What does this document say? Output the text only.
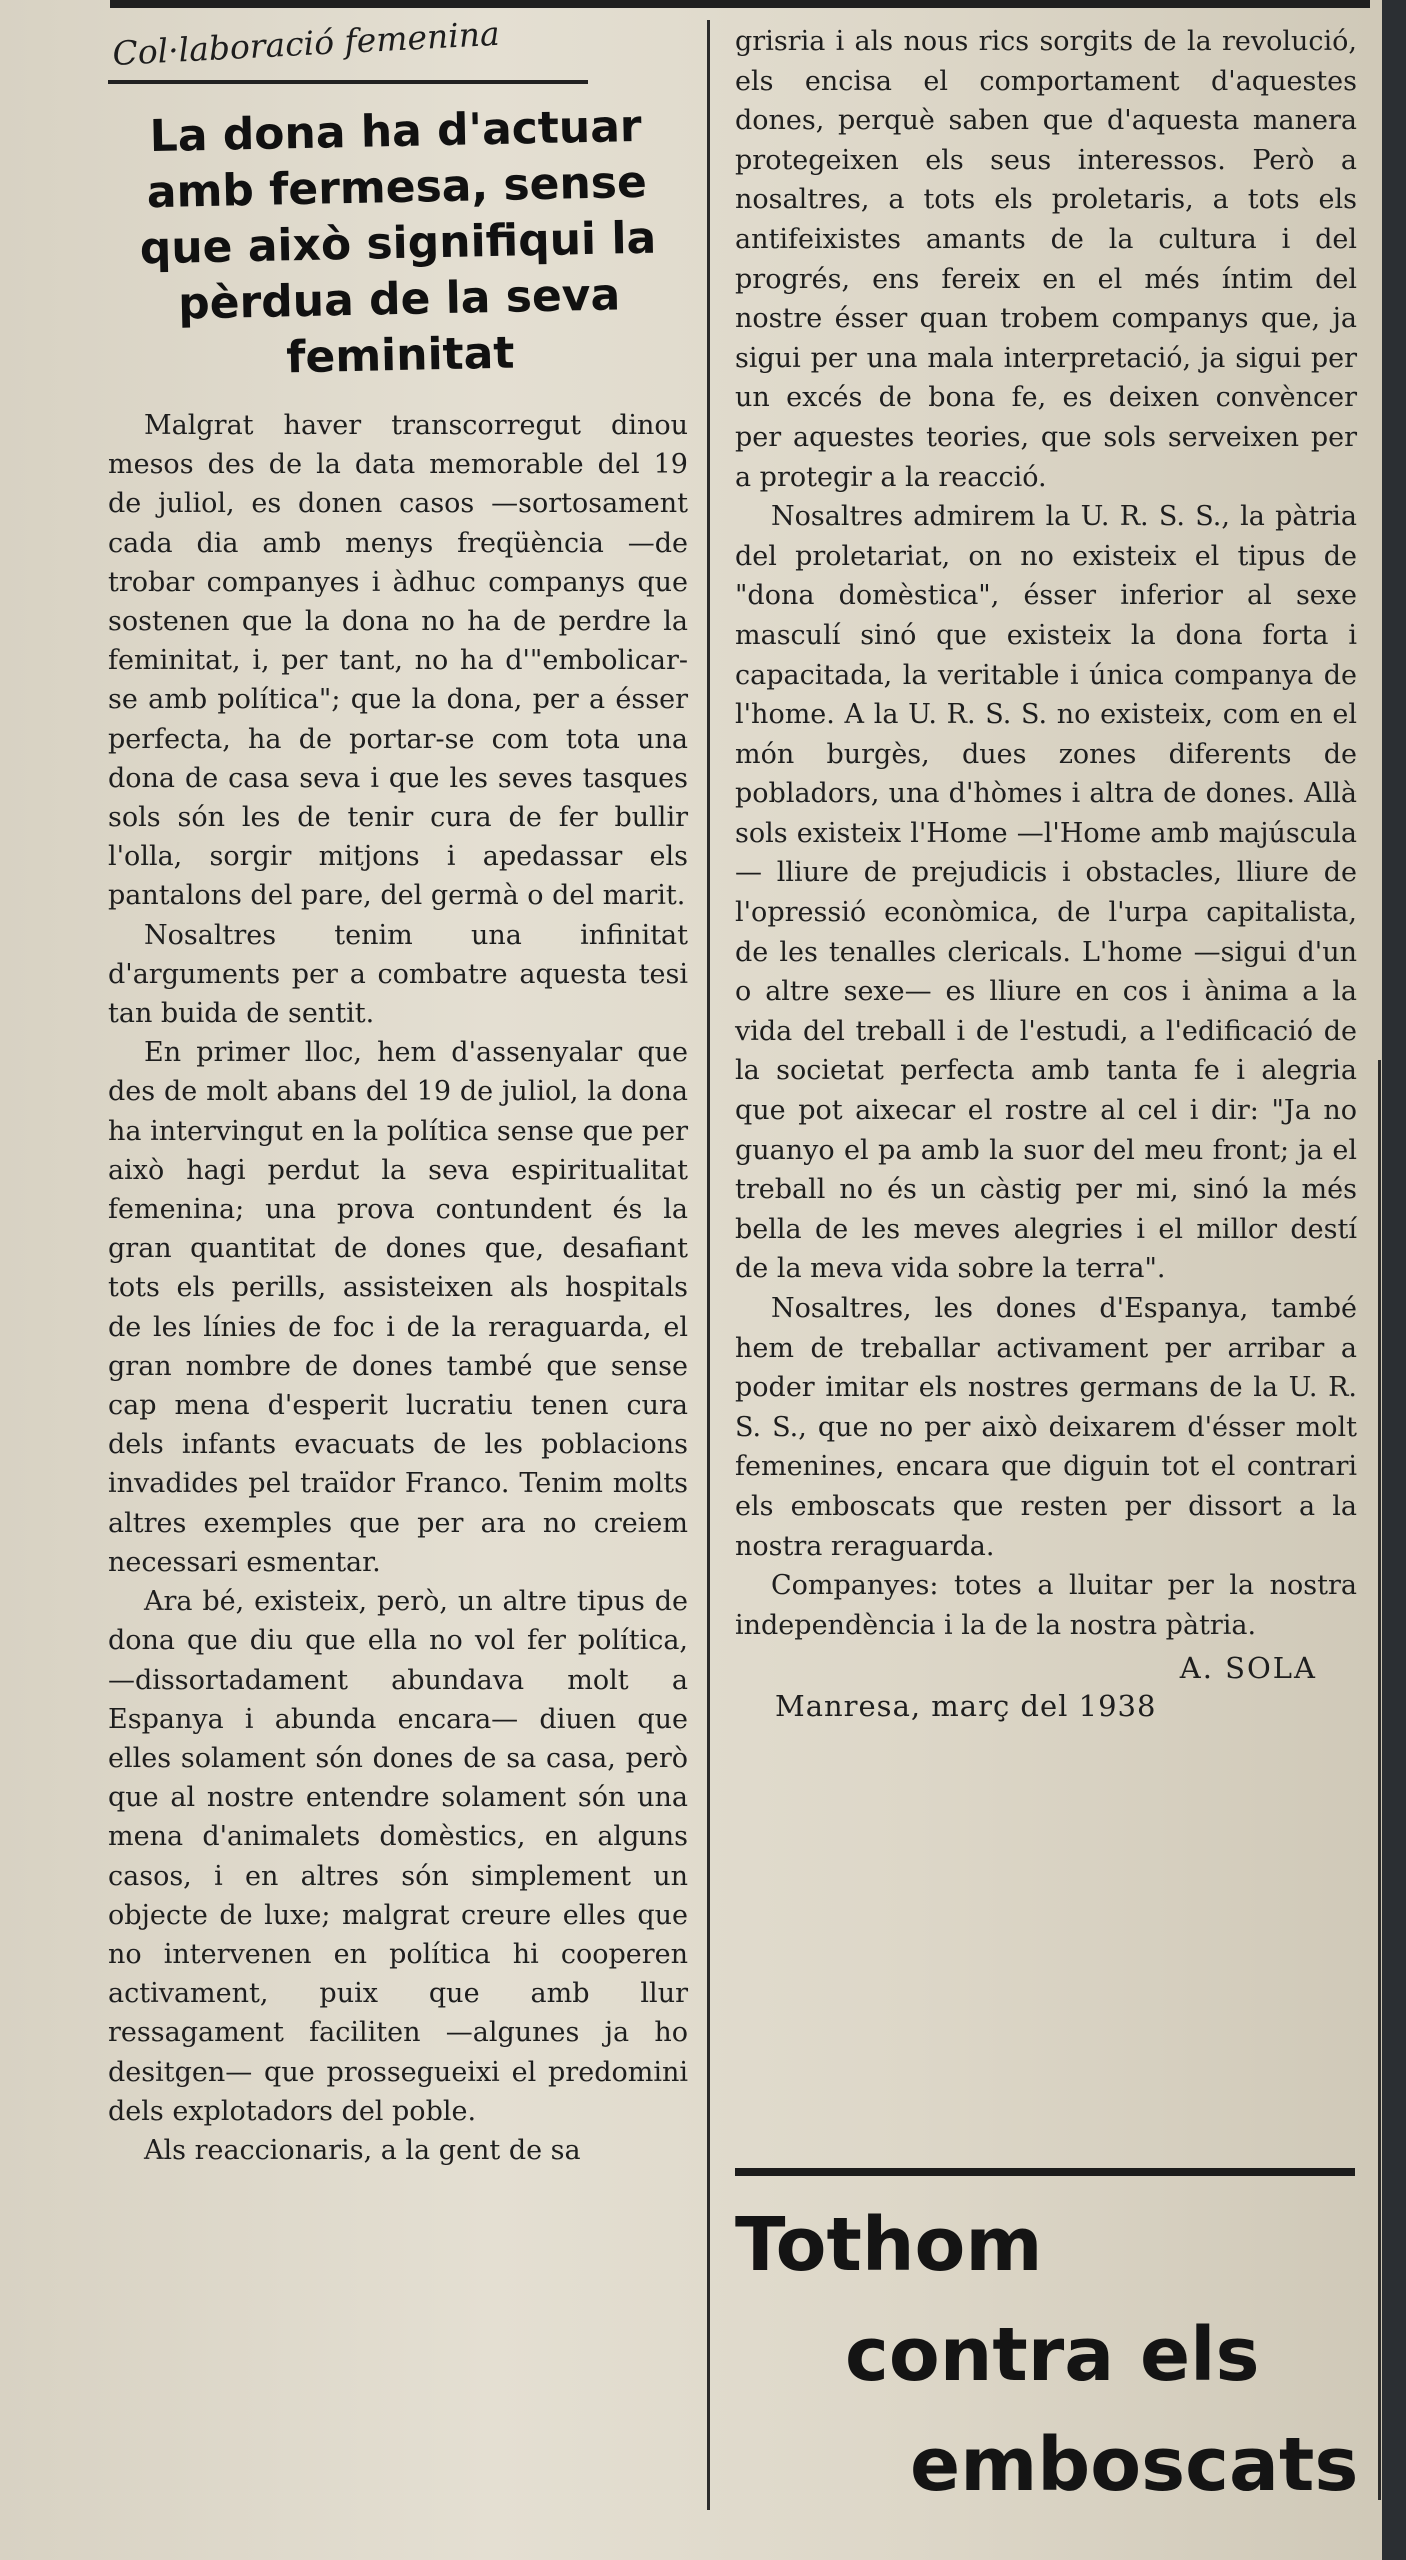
Col·laboració femenina
La dona ha d'actuar
amb fermesa, sense
que això signifiqui la
pèrdua de la seva
feminitat

Malgrat haver transcorregut dinou mesos des de la data memorable del 19 de juliol, es donen casos —sortosament cada dia amb menys freqüència —de trobar companyes i àdhuc companys que sostenen que la dona no ha de perdre la feminitat, i, per tant, no ha d'"embolicar-se amb política"; que la dona, per a ésser perfecta, ha de portar-se com tota una dona de casa seva i que les seves tasques sols són les de tenir cura de fer bullir l'olla, sorgir mitjons i apedassar els pantalons del pare, del germà o del marit.

Nosaltres tenim una infinitat d'arguments per a combatre aquesta tesi tan buida de sentit.

En primer lloc, hem d'assenyalar que des de molt abans del 19 de juliol, la dona ha intervingut en la política sense que per això hagi perdut la seva espiritualitat femenina; una prova contundent és la gran quantitat de dones que, desafiant tots els perills, assisteixen als hospitals de les línies de foc i de la reraguarda, el gran nombre de dones també que sense cap mena d'esperit lucratiu tenen cura dels infants evacuats de les poblacions invadides pel traïdor Franco. Tenim molts altres exemples que per ara no creiem necessari esmentar.

Ara bé, existeix, però, un altre tipus de dona que diu que ella no vol fer política, —dissortadament abundava molt a Espanya i abunda encara— diuen que elles solament són dones de sa casa, però que al nostre entendre solament són una mena d'animalets domèstics, en alguns casos, i en altres són simplement un objecte de luxe; malgrat creure elles que no intervenen en política hi cooperen activament, puix que amb llur ressagament faciliten —algunes ja ho desitgen— que prossegueixi el predomini dels explotadors del poble.

Als reaccionaris, a la gent de sa

grisria i als nous rics sorgits de la revolució, els encisa el comportament d'aquestes dones, perquè saben que d'aquesta manera protegeixen els seus interessos. Però a nosaltres, a tots els proletaris, a tots els antifeixistes amants de la cultura i del progrés, ens fereix en el més íntim del nostre ésser quan trobem companys que, ja sigui per una mala interpretació, ja sigui per un excés de bona fe, es deixen convèncer per aquestes teories, que sols serveixen per a protegir a la reacció.

Nosaltres admirem la U. R. S. S., la pàtria del proletariat, on no existeix el tipus de "dona domèstica", ésser inferior al sexe masculí sinó que existeix la dona forta i capacitada, la veritable i única companya de l'home. A la U. R. S. S. no existeix, com en el món burgès, dues zones diferents de pobladors, una d'hòmes i altra de dones. Allà sols existeix l'Home —l'Home amb majúscula— lliure de prejudicis i obstacles, lliure de l'opressió econòmica, de l'urpa capitalista, de les tenalles clericals. L'home —sigui d'un o altre sexe— es lliure en cos i ànima a la vida del treball i de l'estudi, a l'edificació de la societat perfecta amb tanta fe i alegria que pot aixecar el rostre al cel i dir: "Ja no guanyo el pa amb la suor del meu front; ja el treball no és un càstig per mi, sinó la més bella de les meves alegries i el millor destí de la meva vida sobre la terra".

Nosaltres, les dones d'Espanya, també hem de treballar activament per arribar a poder imitar els nostres germans de la U. R. S. S., que no per això deixarem d'ésser molt femenines, encara que diguin tot el contrari els emboscats que resten per dissort a la nostra reraguarda.

Companyes: totes a lluitar per la nostra independència i la de la nostra pàtria.

A. SOLA
Manresa, març del 1938
Tothom
contra els
emboscats
